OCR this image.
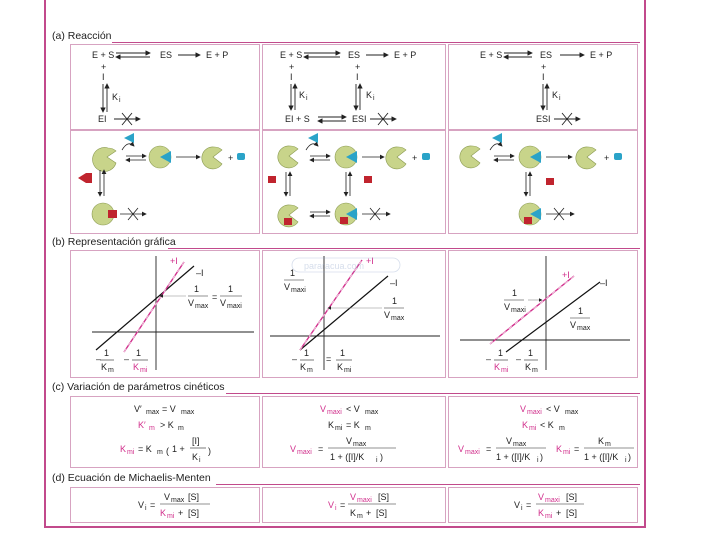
(a) Reacción
(b) Representación gráfica
(c) Variación de parámetros cinéticos
(d) Ecuación de Michaelis-Menten
E + S	ES	E + P
+
I
K i
EI
E + S	ES	E + P
+
I
+
I
K i	K i
EI + S	ESI
E + S	ES	E + P
+
I
K i
ESI
+	+	+
+I
–I
1
V max
=
1
V maxi
–
1
K m
–
1
K mi
+I
–I
1
V maxi
1
V max
–
1
K m
=
1
K mi
+I
–I
1
V maxi	1
V max
–
1
K mi
–
1
K m
pararacua.com
V′ max = V max
K′ m > K m
K mi = K m ( 1 +
[I]
K i
)
V maxi < V max
K mi = K m
V maxi =
V max
1 + ([I]/K i )
V maxi < V max
K mi < K m
V maxi =
V max
1 + ([I]/K i )
K mi =
K m
1 + ([I]/K i )
V i =
V max [S]
K mi + [S]
V i =
V maxi [S]
K m + [S]
V i =
V maxi [S]
K mi + [S]
